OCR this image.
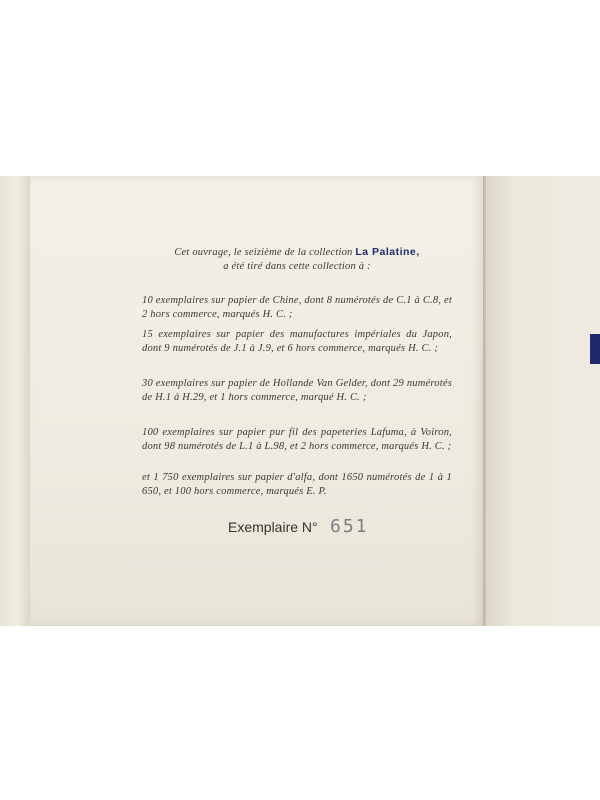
Cet ouvrage, le seizième de la collection La Palatine,
a été tiré dans cette collection à :
10 exemplaires sur papier de Chine, dont 8 numérotés de C.1 à C.8, et 2 hors commerce, marqués H. C. ;
15 exemplaires sur papier des manufactures impériales du Japon, dont 9 numérotés de J.1 à J.9, et 6 hors commerce, marqués H. C. ;
30 exemplaires sur papier de Hollande Van Gelder, dont 29 numérotés de H.1 à H.29, et 1 hors commerce, marqué H. C. ;
100 exemplaires sur papier pur fil des papeteries Lafuma, à Voiron, dont 98 numérotés de L.1 à L.98, et 2 hors commerce, marqués H. C. ;
et 1 750 exemplaires sur papier d'alfa, dont 1650 numérotés de 1 à 1 650, et 100 hors commerce, marqués E. P.
Exemplaire N° 651
